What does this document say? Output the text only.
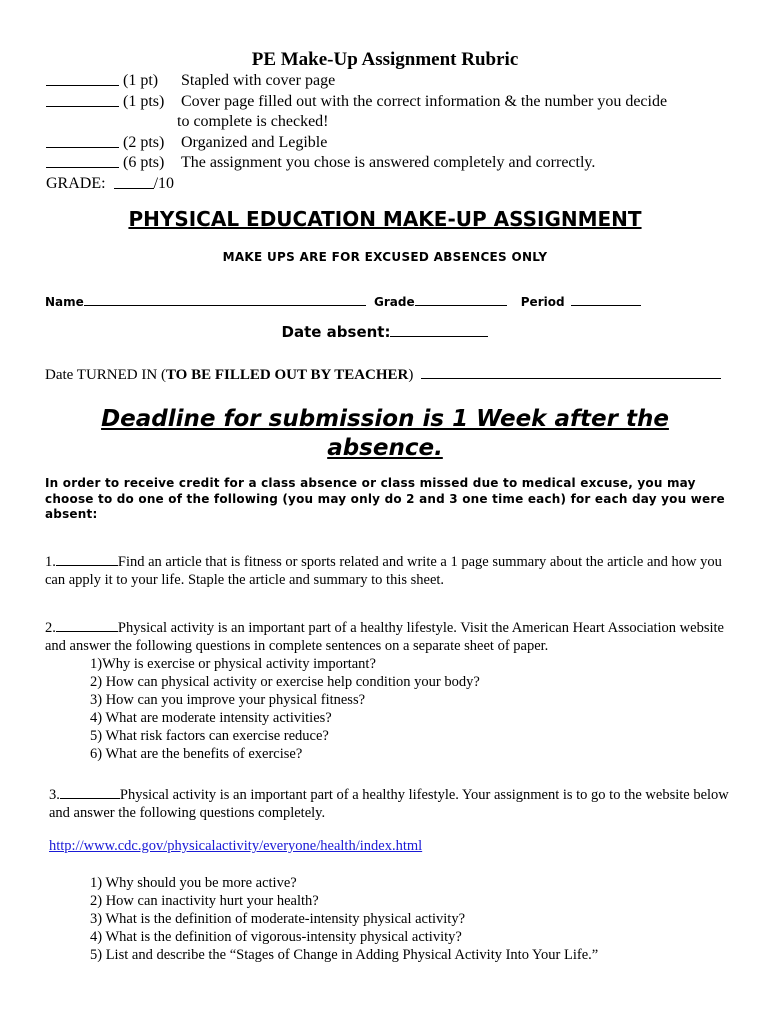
PE Make-Up Assignment Rubric
(1 pt)	Stapled with cover page
(1 pts)	Cover page filled out with the correct information & the number you decide
to complete is checked!
(2 pts)	Organized and Legible
(6 pts)	The assignment you chose is answered completely and correctly.
GRADE:	/10
PHYSICAL EDUCATION MAKE-UP ASSIGNMENT
MAKE UPS ARE FOR EXCUSED ABSENCES ONLY
Name	Grade	Period
Date absent:
Date TURNED IN (TO BE FILLED OUT BY TEACHER)
Deadline for submission is 1 Week after the absence.
In order to receive credit for a class absence or class missed due to medical excuse, you may choose to do one of the following (you may only do 2 and 3 one time each) for each day you were absent:
1.	Find an article that is fitness or sports related and write a 1 page summary about the article and how you can apply it to your life. Staple the article and summary to this sheet.
2.	Physical activity is an important part of a healthy lifestyle. Visit the American Heart Association website and answer the following questions in complete sentences on a separate sheet of paper.
1)Why is exercise or physical activity important?
2) How can physical activity or exercise help condition your body?
3) How can you improve your physical fitness?
4) What are moderate intensity activities?
5) What risk factors can exercise reduce?
6) What are the benefits of exercise?
3.	Physical activity is an important part of a healthy lifestyle. Your assignment is to go to the website below and answer the following questions completely.
http://www.cdc.gov/physicalactivity/everyone/health/index.html
1) Why should you be more active?
2) How can inactivity hurt your health?
3) What is the definition of moderate-intensity physical activity?
4) What is the definition of vigorous-intensity physical activity?
5) List and describe the “Stages of Change in Adding Physical Activity Into Your Life.”
